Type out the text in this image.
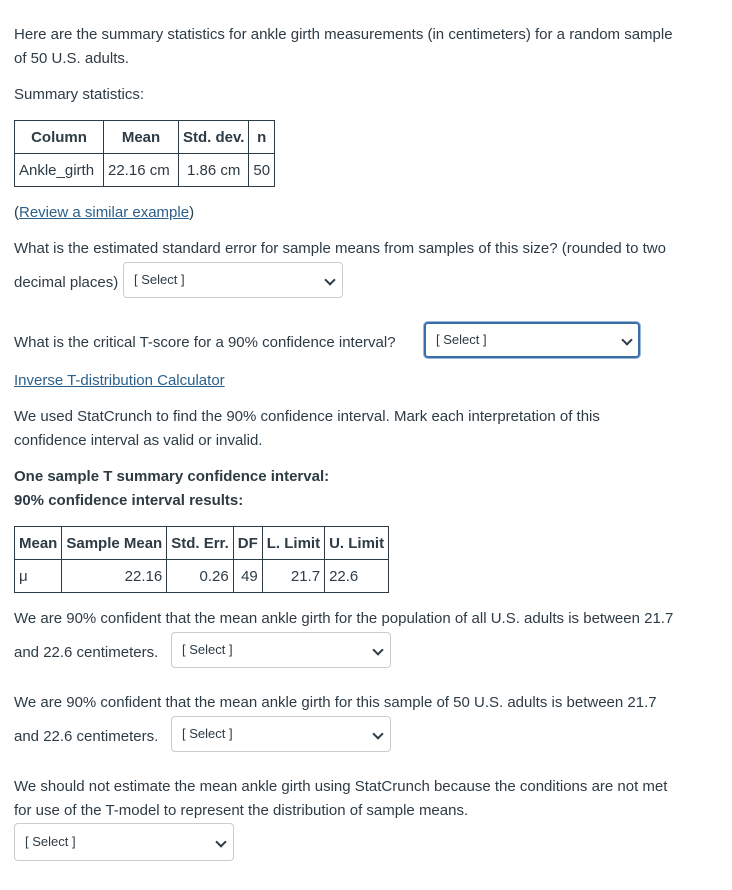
Here are the summary statistics for ankle girth measurements (in centimeters) for a random sample

of 50 U.S. adults.

Summary statistics:

Column	Mean	Std. dev.	n
Ankle_girth	22.16 cm	1.86 cm	50

(Review a similar example)

What is the estimated standard error for sample means from samples of this size? (rounded to two

decimal places)	[ Select ]

What is the critical T-score for a 90% confidence interval?	[ Select ]

Inverse T-distribution Calculator

We used StatCrunch to find the 90% confidence interval. Mark each interpretation of this

confidence interval as valid or invalid.

One sample T summary confidence interval:

90% confidence interval results:

Mean	Sample Mean	Std. Err.	DF	L. Limit	U. Limit
μ	22.16	0.26	49	21.7	22.6

We are 90% confident that the mean ankle girth for the population of all U.S. adults is between 21.7

and 22.6 centimeters.	[ Select ]

We are 90% confident that the mean ankle girth for this sample of 50 U.S. adults is between 21.7

and 22.6 centimeters.	[ Select ]

We should not estimate the mean ankle girth using StatCrunch because the conditions are not met

for use of the T-model to represent the distribution of sample means.

[ Select ]
